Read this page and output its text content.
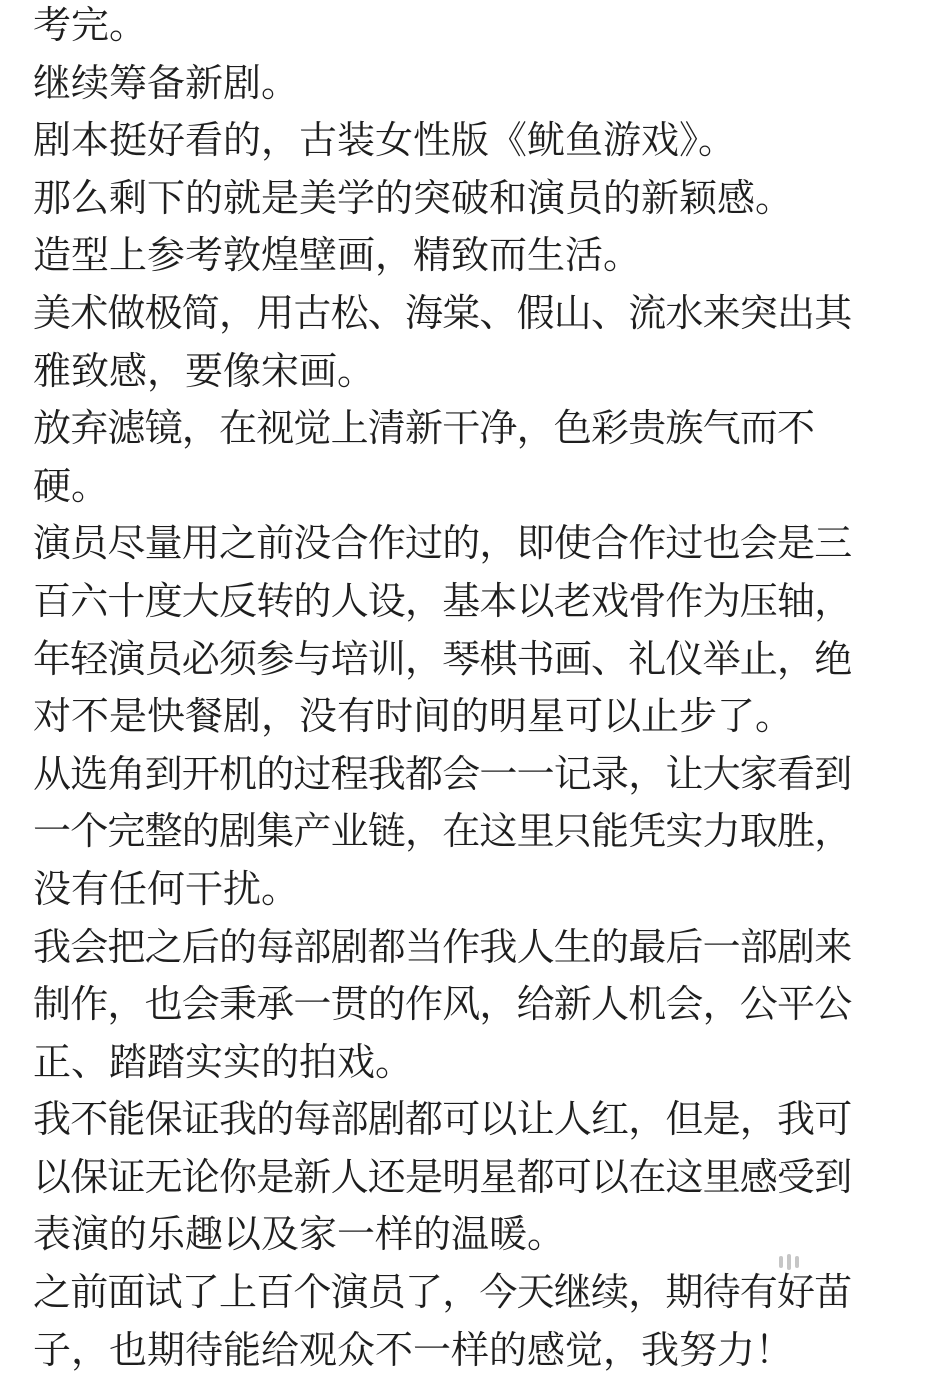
考完。
继续筹备新剧。
剧本挺好看的，古装女性版《鱿鱼游戏》。
那么剩下的就是美学的突破和演员的新颖感。
造型上参考敦煌壁画，精致而生活。
美术做极简，用古松、海棠、假山、流水来突出其
雅致感，要像宋画。
放弃滤镜，在视觉上清新干净，色彩贵族气而不
硬。
演员尽量用之前没合作过的，即使合作过也会是三
百六十度大反转的人设，基本以老戏骨作为压轴，
年轻演员必须参与培训，琴棋书画、礼仪举止，绝
对不是快餐剧，没有时间的明星可以止步了。
从选角到开机的过程我都会一一记录，让大家看到
一个完整的剧集产业链，在这里只能凭实力取胜，
没有任何干扰。
我会把之后的每部剧都当作我人生的最后一部剧来
制作，也会秉承一贯的作风，给新人机会，公平公
正、踏踏实实的拍戏。
我不能保证我的每部剧都可以让人红，但是，我可
以保证无论你是新人还是明星都可以在这里感受到
表演的乐趣以及家一样的温暖。
之前面试了上百个演员了，今天继续，期待有好苗
子，也期待能给观众不一样的感觉，我努力！
